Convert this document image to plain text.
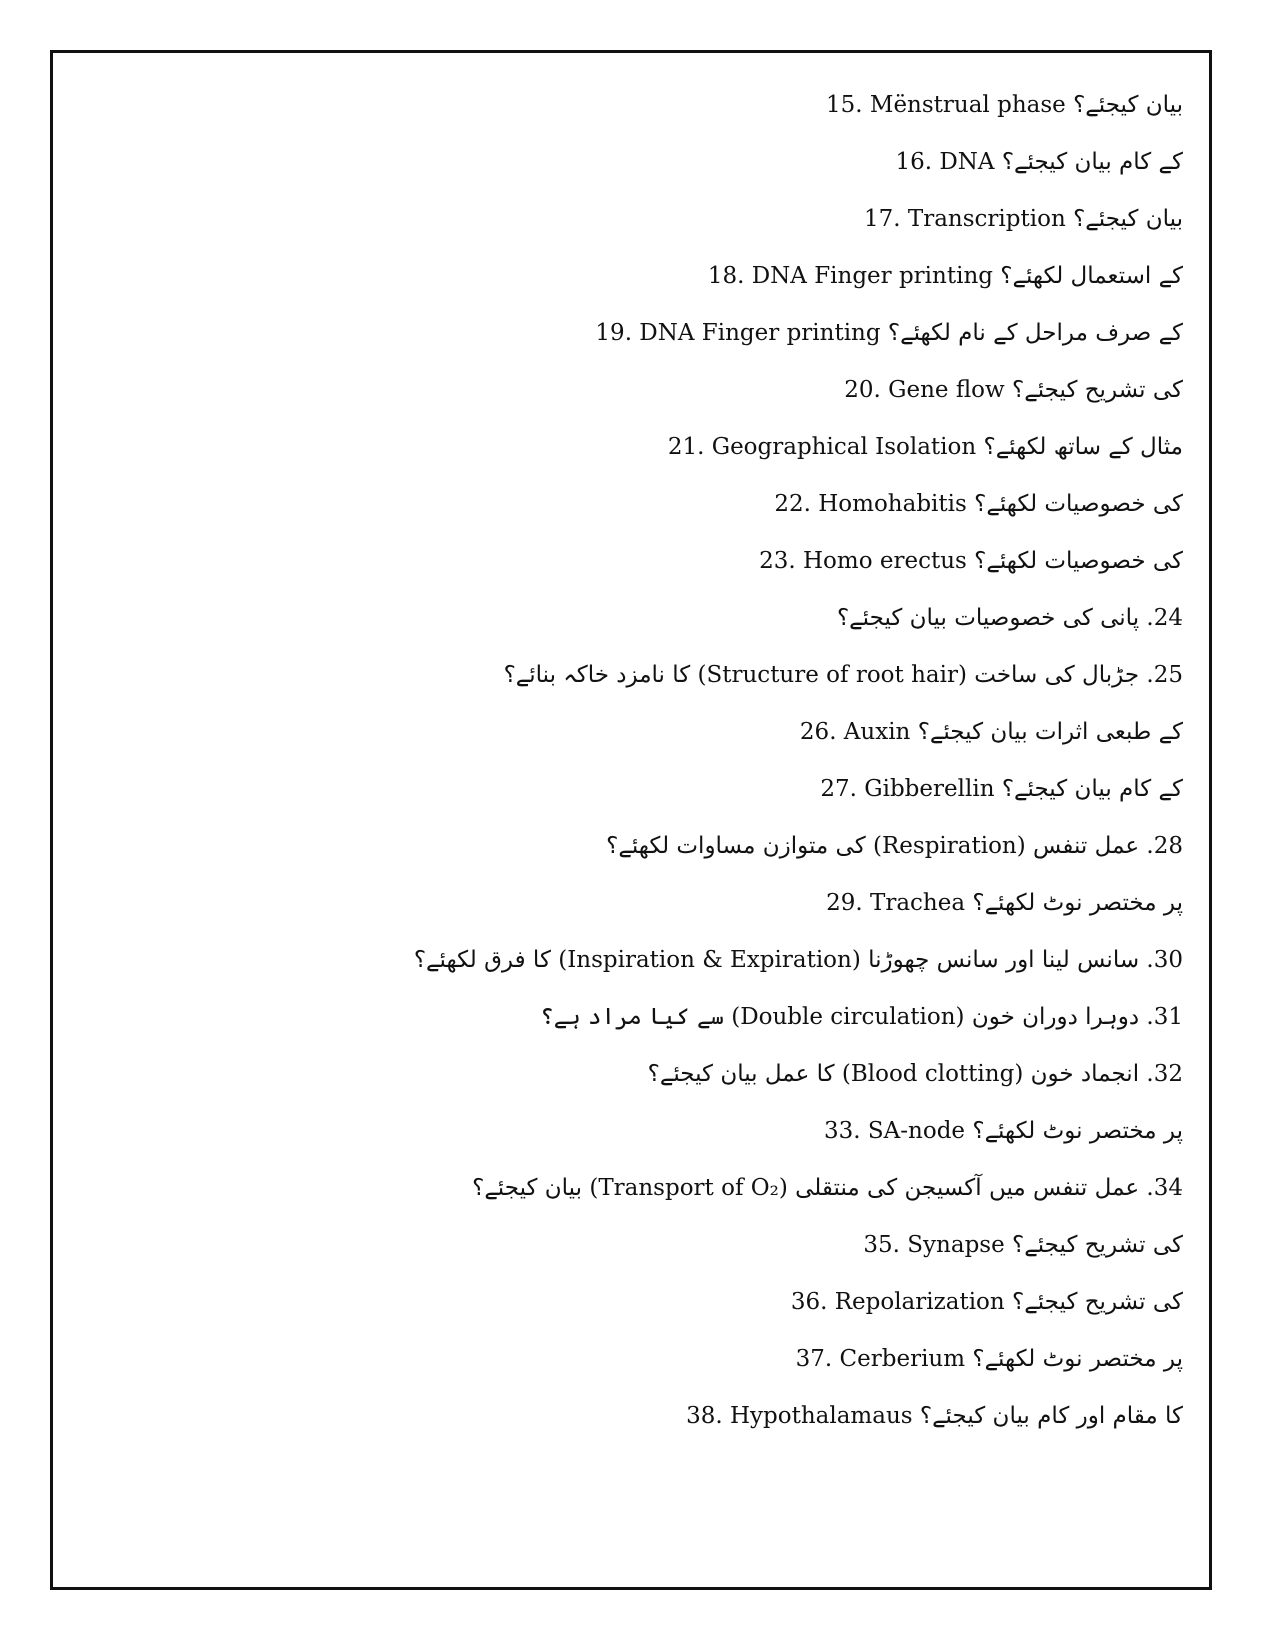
15. Mënstrual phase بیان کیجئے؟
16. DNA کے کام بیان کیجئے؟
17. Transcription بیان کیجئے؟
18. DNA Finger printing کے استعمال لکھئے؟
19. DNA Finger printing کے صرف مراحل کے نام لکھئے؟
20. Gene flow کی تشریح کیجئے؟
21. Geographical Isolation مثال کے ساتھ لکھئے؟
22. Homohabitis کی خصوصیات لکھئے؟
23. Homo erectus کی خصوصیات لکھئے؟
24. پانی کی خصوصیات بیان کیجئے؟
25. جڑبال کی ساخت (Structure of root hair) کا نامزد خاکہ بنائے؟
26. Auxin کے طبعی اثرات بیان کیجئے؟
27. Gibberellin کے کام بیان کیجئے؟
28. عمل تنفس (Respiration) کی متوازن مساوات لکھئے؟
29. Trachea پر مختصر نوٹ لکھئے؟
30. سانس لینا اور سانس چھوڑنا (Inspiration & Expiration) کا فرق لکھئے؟
31. دوہرا دوران خون (Double circulation) سے کیا مراد ہے؟
32. انجماد خون (Blood clotting) کا عمل بیان کیجئے؟
33. SA-node پر مختصر نوٹ لکھئے؟
34. عمل تنفس میں آکسیجن کی منتقلی (Transport of O₂) بیان کیجئے؟
35. Synapse کی تشریح کیجئے؟
36. Repolarization کی تشریح کیجئے؟
37. Cerberium پر مختصر نوٹ لکھئے؟
38. Hypothalamaus کا مقام اور کام بیان کیجئے؟
